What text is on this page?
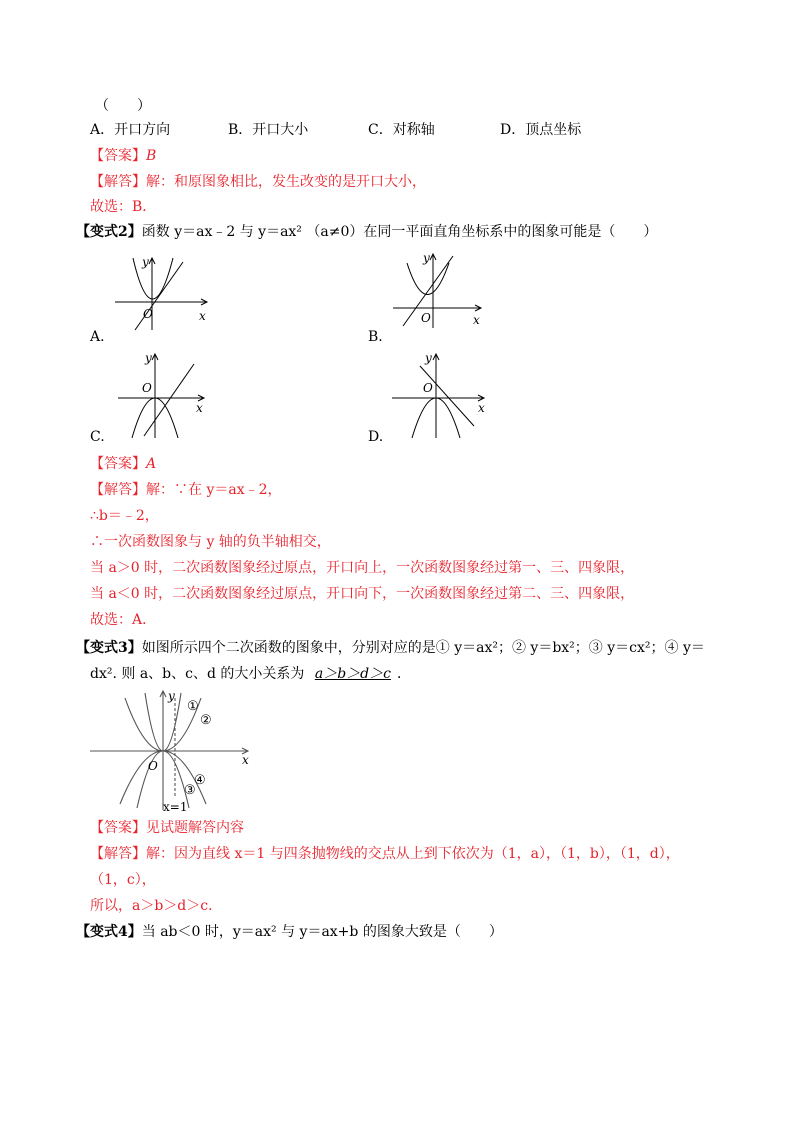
（　　）
A．开口方向	B．开口大小	C．对称轴	D．顶点坐标
【答案】B
【解答】解：和原图象相比，发生改变的是开口大小，
故选：B．
【变式2】函数 y＝ax﹣2 与 y＝ax² （a≠0）在同一平面直角坐标系中的图象可能是（　　）
y
x
O
A.
y
x
O
B.
y
x
O
C.
y
x
O
D.
【答案】A
【解答】解：∵在 y＝ax﹣2，
∴b＝﹣2，
∴一次函数图象与 y 轴的负半轴相交，
当 a＞0 时，二次函数图象经过原点，开口向上，一次函数图象经过第一、三、四象限，
当 a＜0 时，二次函数图象经过原点，开口向下，一次函数图象经过第二、三、四象限，
故选：A．
【变式3】如图所示四个二次函数的图象中，分别对应的是① y＝ax²；② y＝bx²；③ y＝cx²；④ y＝
dx². 则 a、b、c、d 的大小关系为 a＞b＞d＞c ．
y
x
O
①
②
③
④
x=1
【答案】见试题解答内容
【解答】解：因为直线 x＝1 与四条抛物线的交点从上到下依次为（1，a），（1，b），（1，d），
（1，c），
所以，a＞b＞d＞c．
【变式4】当 ab＜0 时，y＝ax² 与 y＝ax+b 的图象大致是（　　）
